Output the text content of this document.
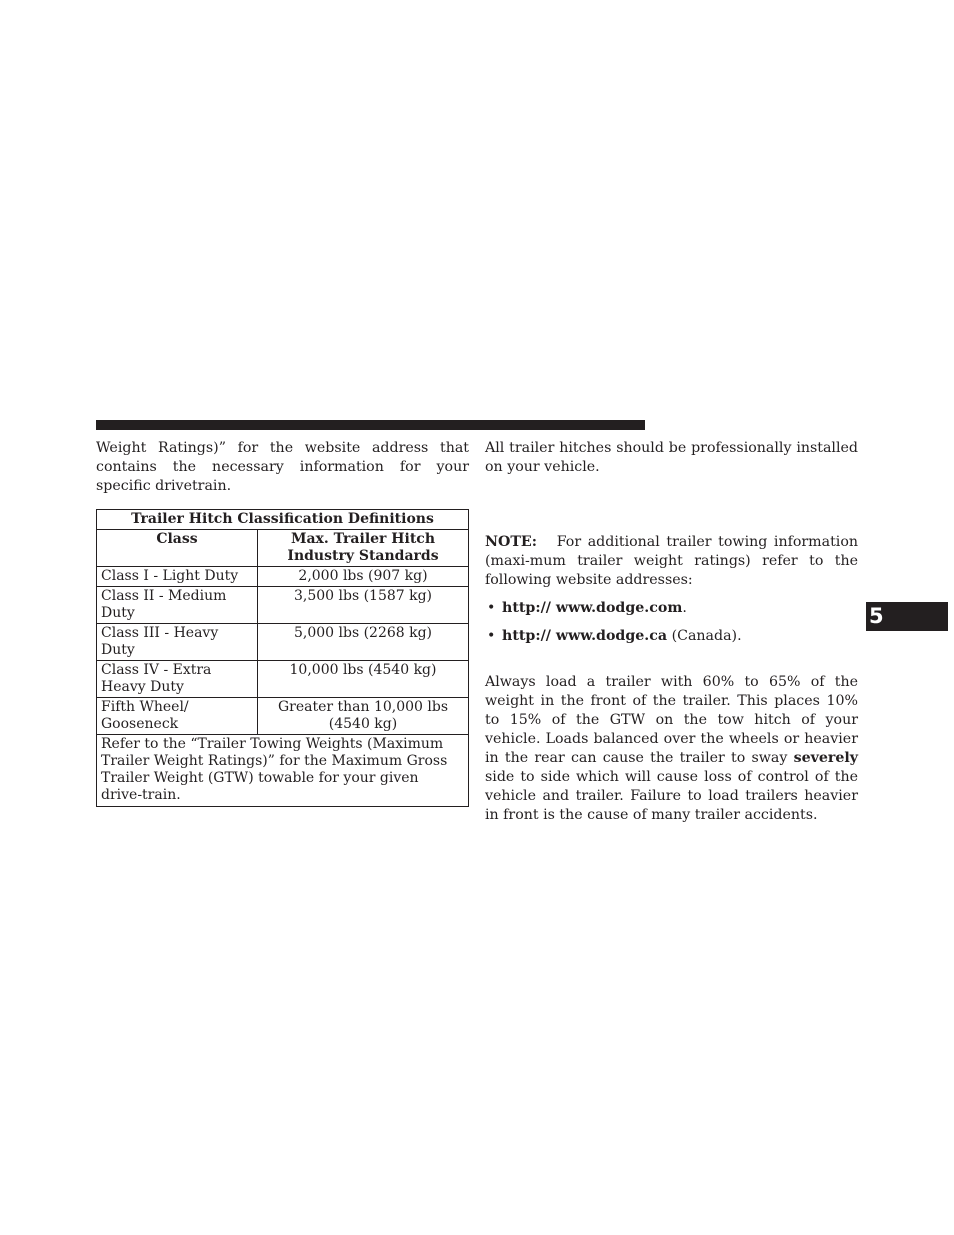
Weight Ratings)” for the website address that contains the necessary information for your specific drivetrain.

Trailer Hitch Classification Definitions	
Class	Max. Trailer Hitch Industry Standards
Class I - Light Duty	2,000 lbs (907 kg)
Class II - Medium Duty	3,500 lbs (1587 kg)
Class III - Heavy Duty	5,000 lbs (2268 kg)
Class IV - Extra Heavy Duty	10,000 lbs (4540 kg)
Fifth Wheel/ Gooseneck	Greater than 10,000 lbs (4540 kg)
Refer to the “Trailer Towing Weights (Maximum Trailer Weight Ratings)” for the Maximum Gross Trailer Weight (GTW) towable for your given drive-train.	

All trailer hitches should be professionally installed on your vehicle.

NOTE: For additional trailer towing information (maxi-mum trailer weight ratings) refer to the following website addresses:

• http:// www.dodge.com.
• http:// www.dodge.ca (Canada).

Always load a trailer with 60% to 65% of the weight in the front of the trailer. This places 10% to 15% of the GTW on the tow hitch of your vehicle. Loads balanced over the wheels or heavier in the rear can cause the trailer to sway severely side to side which will cause loss of control of the vehicle and trailer. Failure to load trailers heavier in front is the cause of many trailer accidents.

5
